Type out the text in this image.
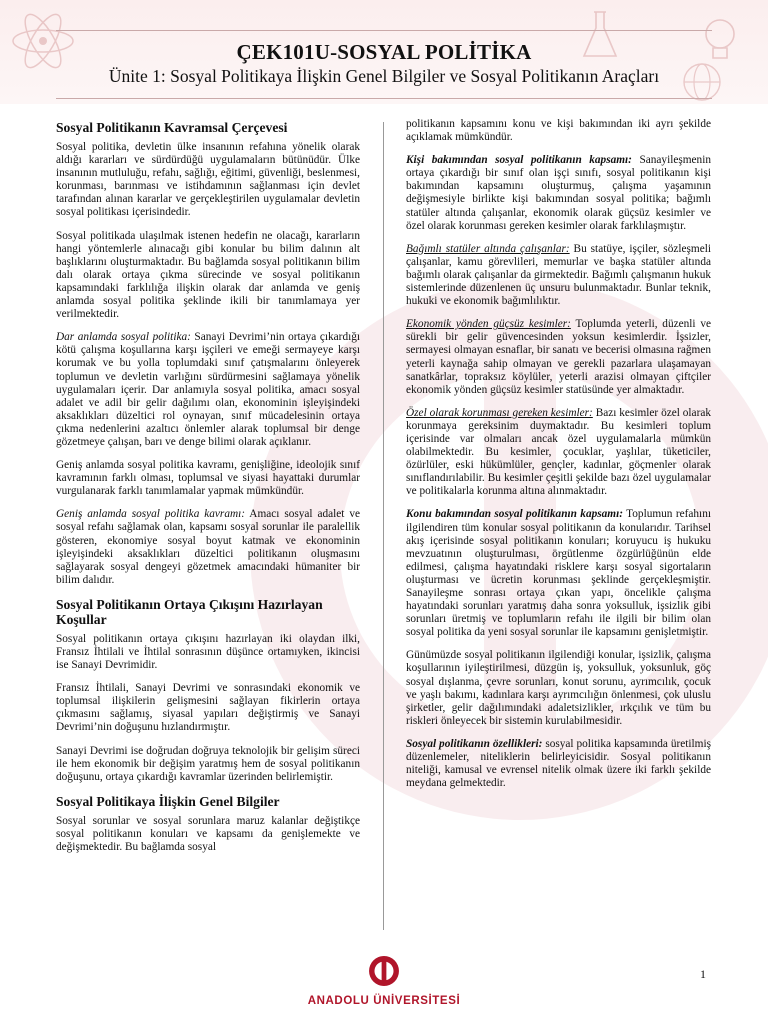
ÇEK101U-SOSYAL POLİTİKA
Ünite 1: Sosyal Politikaya İlişkin Genel Bilgiler ve Sosyal Politikanın Araçları
Sosyal Politikanın Kavramsal Çerçevesi

Sosyal politika, devletin ülke insanının refahına yönelik olarak aldığı kararları ve sürdürdüğü uygulamaların bütünüdür. Ülke insanının mutluluğu, refahı, sağlığı, eğitimi, güvenliği, beslenmesi, korunması, barınması ve istihdamının sağlanması için devlet tarafından alınan kararlar ve gerçekleştirilen uygulamalar devletin sosyal politikası içerisindedir.

Sosyal politikada ulaşılmak istenen hedefin ne olacağı, kararların hangi yöntemlerle alınacağı gibi konular bu bilim dalının alt başlıklarını oluşturmaktadır. Bu bağlamda sosyal politikanın bilim dalı olarak ortaya çıkma sürecinde ve sosyal politikanın kapsamındaki farklılığa ilişkin olarak dar anlamda ve geniş anlamda sosyal politika şeklinde ikili bir tanımlamaya yer verilmektedir.

Dar anlamda sosyal politika: Sanayi Devrimi’nin ortaya çıkardığı kötü çalışma koşullarına karşı işçileri ve emeği sermayeye karşı korumak ve bu yolla toplumdaki sınıf çatışmalarını önleyerek toplumun ve devletin varlığını sürdürmesini sağlamaya yönelik uygulamaları içerir. Dar anlamıyla sosyal politika, amacı sosyal adalet ve adil bir gelir dağılımı olan, ekonominin işleyişindeki aksaklıkları düzeltici rol oynayan, sınıf mücadelesinin ortaya çıkma nedenlerini azaltıcı önlemler alarak toplumsal bir denge gözetmeye çalışan, barı ve denge bilimi olarak açıklanır.

Geniş anlamda sosyal politika kavramı, genişliğine, ideolojik sınıf kavramının farklı olması, toplumsal ve siyasi hayattaki durumlar vurgulanarak farklı tanımlamalar yapmak mümkündür.

Geniş anlamda sosyal politika kavramı: Amacı sosyal adalet ve sosyal refahı sağlamak olan, kapsamı sosyal sorunlar ile paralellik gösteren, ekonomiye sosyal boyut katmak ve ekonominin işleyişindeki aksaklıkları düzeltici politikanın oluşmasını sağlayarak sosyal dengeyi gözetmek amacındaki hümaniter bir bilim dalıdır.

Sosyal Politikanın Ortaya Çıkışını Hazırlayan Koşullar

Sosyal politikanın ortaya çıkışını hazırlayan iki olaydan ilki, Fransız İhtilali ve İhtilal sonrasının düşünce ortamıyken, ikincisi ise Sanayi Devrimidir.

Fransız İhtilali, Sanayi Devrimi ve sonrasındaki ekonomik ve toplumsal ilişkilerin gelişmesini sağlayan fikirlerin ortaya çıkmasını sağlamış, siyasal yapıları değiştirmiş ve Sanayi Devrimi’nin doğuşunu hızlandırmıştır.

Sanayi Devrimi ise doğrudan doğruya teknolojik bir gelişim süreci ile hem ekonomik bir değişim yaratmış hem de sosyal politikanın doğuşunu, ortaya çıkardığı kavramlar üzerinden belirlemiştir.

Sosyal Politikaya İlişkin Genel Bilgiler

Sosyal sorunlar ve sosyal sorunlara maruz kalanlar değiştikçe sosyal politikanın konuları ve kapsamı da genişlemekte ve değişmektedir. Bu bağlamda sosyal

politikanın kapsamını konu ve kişi bakımından iki ayrı şekilde açıklamak mümkündür.

Kişi bakımından sosyal politikanın kapsamı: Sanayileşmenin ortaya çıkardığı bir sınıf olan işçi sınıfı, sosyal politikanın kişi bakımından kapsamını oluşturmuş, çalışma yaşamının değişmesiyle birlikte kişi bakımından sosyal politika; bağımlı statüler altında çalışanlar, ekonomik olarak güçsüz kesimler ve özel olarak korunması gereken kesimler olarak farklılaşmıştır.

Bağımlı statüler altında çalışanlar: Bu statüye, işçiler, sözleşmeli çalışanlar, kamu görevlileri, memurlar ve başka statüler altında bağımlı olarak çalışanlar da girmektedir. Bağımlı çalışmanın hukuk sistemlerinde düzenlenen üç unsuru bulunmaktadır. Bunlar teknik, hukuki ve ekonomik bağımlılıktır.

Ekonomik yönden güçsüz kesimler: Toplumda yeterli, düzenli ve sürekli bir gelir güvencesinden yoksun kesimlerdir. İşsizler, sermayesi olmayan esnaflar, bir sanatı ve becerisi olmasına rağmen yeterli kaynağa sahip olmayan ve gerekli pazarlara ulaşamayan sanatkârlar, topraksız köylüler, yeterli arazisi olmayan çiftçiler ekonomik yönden güçsüz kesimler statüsünde yer almaktadır.

Özel olarak korunması gereken kesimler: Bazı kesimler özel olarak korunmaya gereksinim duymaktadır. Bu kesimleri toplum içerisinde var olmaları ancak özel uygulamalarla mümkün olabilmektedir. Bu kesimler, çocuklar, yaşlılar, tüketiciler, özürlüler, eski hükümlüler, gençler, kadınlar, göçmenler olarak sınıflandırılabilir. Bu kesimler çeşitli şekilde bazı özel uygulamalar ve politikalarla korunma altına alınmaktadır.

Konu bakımından sosyal politikanın kapsamı: Toplumun refahını ilgilendiren tüm konular sosyal politikanın da konularıdır. Tarihsel akış içerisinde sosyal politikanın konuları; koruyucu iş hukuku mevzuatının oluşturulması, örgütlenme özgürlüğünün elde edilmesi, çalışma hayatındaki risklere karşı sosyal sigortaların oluşturması ve ücretin korunması şeklinde gerçekleşmiştir. Sanayileşme sonrası ortaya çıkan yapı, öncelikle çalışma hayatındaki sorunları yaratmış daha sonra yoksulluk, işsizlik gibi sorunları üretmiş ve toplumların refahı ile ilgili bir bilim olan sosyal politika da yeni sosyal sorunlar ile kapsamını genişletmiştir.

Günümüzde sosyal politikanın ilgilendiği konular, işsizlik, çalışma koşullarının iyileştirilmesi, düzgün iş, yoksulluk, yoksunluk, göç sosyal dışlanma, çevre sorunları, konut sorunu, ayrımcılık, çocuk ve yaşlı bakımı, kadınlara karşı ayrımcılığın önlenmesi, çok uluslu şirketler, gelir dağılımındaki adaletsizlikler, ırkçılık ve tüm bu riskleri önleyecek bir sistemin kurulabilmesidir.

Sosyal politikanın özellikleri: sosyal politika kapsamında üretilmiş düzenlemeler, niteliklerin belirleyicisidir. Sosyal politikanın niteliği, kamusal ve evrensel nitelik olmak üzere iki farklı şekilde meydana gelmektedir.

1
ANADOLU ÜNİVERSİTESİ
